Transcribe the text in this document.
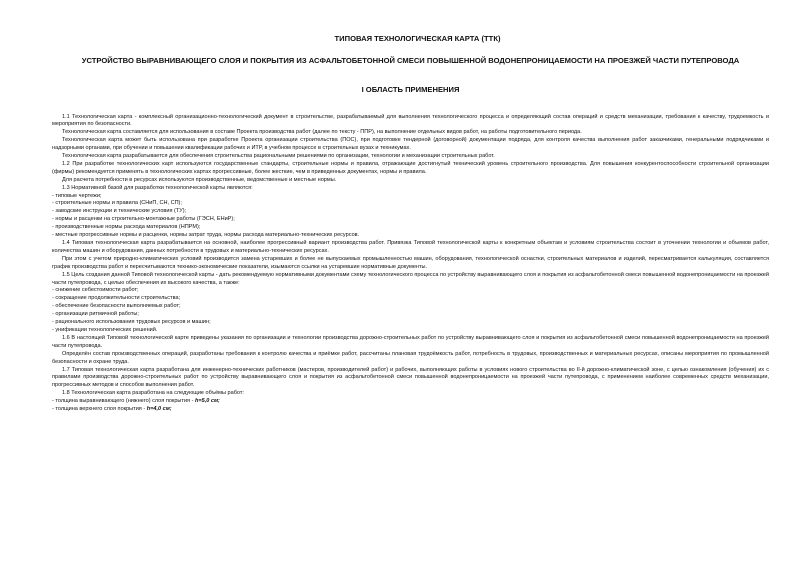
ТИПОВАЯ ТЕХНОЛОГИЧЕСКАЯ КАРТА (ТТК)
УСТРОЙСТВО ВЫРАВНИВАЮЩЕГО СЛОЯ И ПОКРЫТИЯ ИЗ АСФАЛЬТОБЕТОННОЙ СМЕСИ ПОВЫШЕННОЙ ВОДОНЕПРОНИЦАЕМОСТИ НА ПРОЕЗЖЕЙ ЧАСТИ ПУТЕПРОВОДА
I ОБЛАСТЬ ПРИМЕНЕНИЯ

1.1 Технологическая карта - комплексный организационно-технологический документ в строительстве, разрабатываемый для выполнения технологического процесса и определяющий состав операций и средств механизации, требования к качеству, трудоемкость и мероприятия по безопасности.

Технологическая карта составляется для использования в составе Проекта производства работ (далее по тексту - ППР), на выполнение отдельных видов работ, на работы подготовительного периода.

Технологическая карта может быть использована при разработке Проекта организации строительства (ПОС), при подготовке тендерной (договорной) документации подряда, для контроля качества выполнения работ заказчиками, генеральными подрядчиками и надзорными органами, при обучении и повышении квалификации рабочих и ИТР, в учебном процессе в строительных вузах и техникумах.

Технологическая карта разрабатывается для обеспечения строительства рациональными решениями по организации, технологии и механизации строительных работ.

1.2 При разработке технологических карт используются государственные стандарты, строительные нормы и правила, отражающие достигнутый технический уровень строительного производства. Для повышения конкурентоспособности строительной организации (фирмы) рекомендуется применять в технологических картах прогрессивные, более жесткие, чем в приведенных документах, нормы и правила.

Для расчета потребности в ресурсах используются производственные, ведомственные и местные нормы.

1.3 Нормативной базой для разработки технологической карты являются:

- типовые чертежи;

- строительные нормы и правила (СНиП, СН, СП);

- заводские инструкции и технические условия (ТУ);

- нормы и расценки на строительно-монтажные работы (ГЭСН, ЕНиР);

- производственные нормы расхода материалов (НПРМ);

- местные прогрессивные нормы и расценки, нормы затрат труда, нормы расхода материально-технических ресурсов.

1.4 Типовая технологическая карта разрабатывается на основной, наиболее прогрессивный вариант производства работ. Привязка Типовой технологической карты к конкретным объектам и условиям строительства состоит в уточнении технологии и объемов работ, количества машин и оборудования, данных потребности в трудовых и материально-технических ресурсах.

При этом с учетом природно-климатических условий производится замена устаревших и более не выпускаемых промышленностью машин, оборудования, технологической оснастки, строительных материалов и изделий, пересматривается калькуляция, составляется график производства работ и пересчитываются технико-экономические показатели, изымаются ссылки на устаревшие нормативные документы.

1.5 Цель создания данной Типовой технологической карты - дать рекомендуемую нормативными документами схему технологического процесса по устройству выравнивающего слоя и покрытия из асфальтобетонной смеси повышенной водонепроницаемости на проезжей части путепровода, с целью обеспечения их высокого качества, а также:

- снижение себестоимости работ;

- сокращение продолжительности строительства;

- обеспечение безопасности выполняемых работ;

- организации ритмичной работы;

- рационального использования трудовых ресурсов и машин;

- унификации технологических решений.

1.6 В настоящей Типовой технологической карте приведены указания по организации и технологии производства дорожно-строительных работ по устройству выравнивающего слоя и покрытия из асфальтобетонной смеси повышенной водонепроницаемости на проезжей части путепровода.

Определён состав производственных операций, разработаны требования к контролю качества и приёмке работ, рассчитаны плановая трудоёмкость работ, потребность в трудовых, производственных и материальных ресурсах, описаны мероприятия по промышленной безопасности и охране труда.

1.7 Типовая технологическая карта разработана для инженерно-технических работников (мастеров, производителей работ) и рабочих, выполняющих работы в условиях нового строительства во II-й дорожно-климатической зоне, с целью ознакомления (обучения) их с правилами производства дорожно-строительных работ по устройству выравнивающего слоя и покрытия из асфальтобетонной смеси повышенной водонепроницаемости на проезжей части путепровода, с применением наиболее современных средств механизации, прогрессивных методов и способов выполнения работ.

1.8 Технологическая карта разработана на следующие объёмы работ:

- толщина выравнивающего (нижнего) слоя покрытия - h=5,0 см;

- толщина верхнего слоя покрытия - h=4,0 см;
